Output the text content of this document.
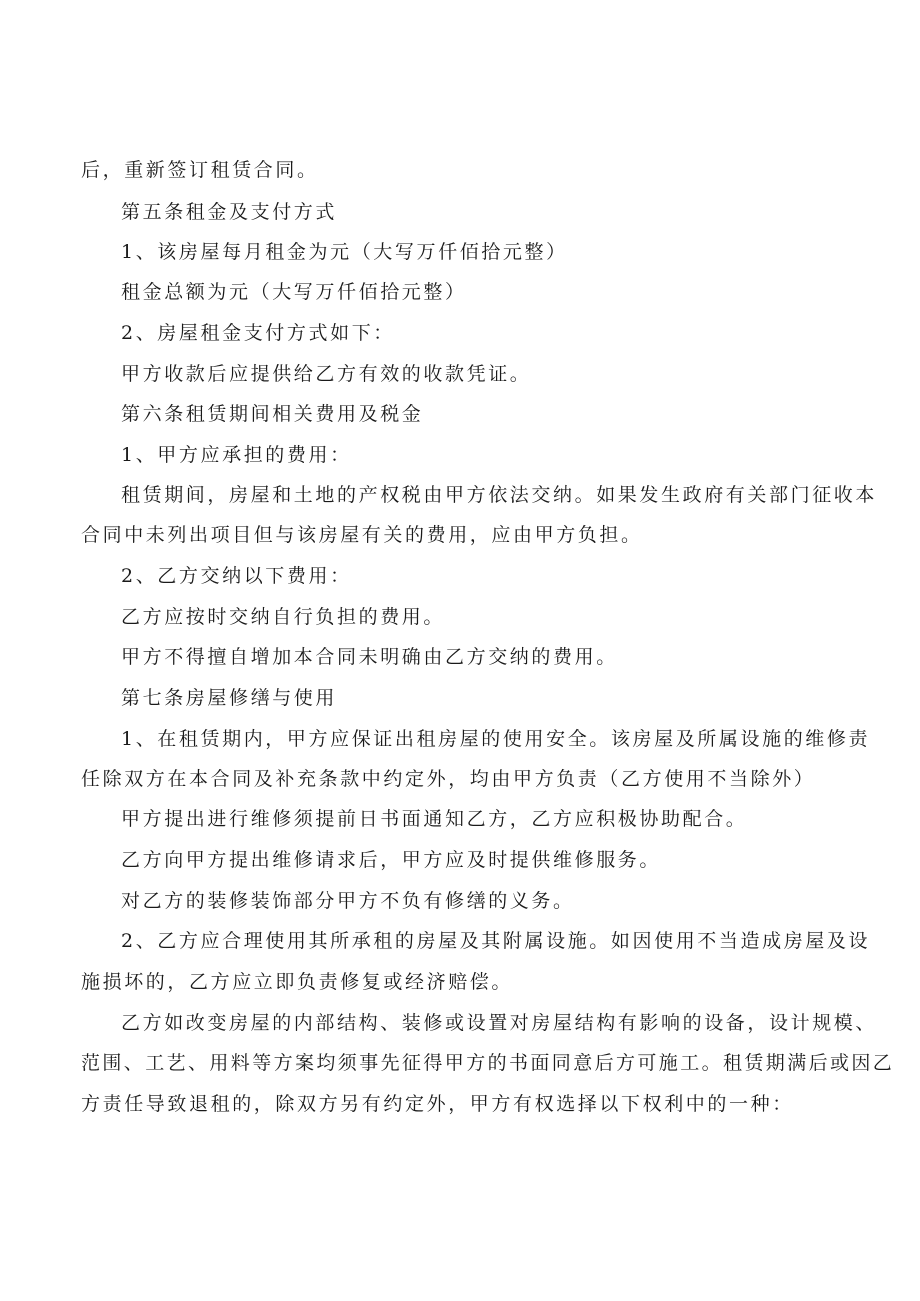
后，重新签订租赁合同。

第五条租金及支付方式

1、该房屋每月租金为元（大写万仟佰拾元整）

租金总额为元（大写万仟佰拾元整）

2、房屋租金支付方式如下：

甲方收款后应提供给乙方有效的收款凭证。

第六条租赁期间相关费用及税金

1、甲方应承担的费用：

租赁期间，房屋和土地的产权税由甲方依法交纳。如果发生政府有关部门征收本

合同中未列出项目但与该房屋有关的费用，应由甲方负担。

2、乙方交纳以下费用：

乙方应按时交纳自行负担的费用。

甲方不得擅自增加本合同未明确由乙方交纳的费用。

第七条房屋修缮与使用

1、在租赁期内，甲方应保证出租房屋的使用安全。该房屋及所属设施的维修责

任除双方在本合同及补充条款中约定外，均由甲方负责（乙方使用不当除外）

甲方提出进行维修须提前日书面通知乙方，乙方应积极协助配合。

乙方向甲方提出维修请求后，甲方应及时提供维修服务。

对乙方的装修装饰部分甲方不负有修缮的义务。

2、乙方应合理使用其所承租的房屋及其附属设施。如因使用不当造成房屋及设

施损坏的，乙方应立即负责修复或经济赔偿。

乙方如改变房屋的内部结构、装修或设置对房屋结构有影响的设备，设计规模、

范围、工艺、用料等方案均须事先征得甲方的书面同意后方可施工。租赁期满后或因乙

方责任导致退租的，除双方另有约定外，甲方有权选择以下权利中的一种：
